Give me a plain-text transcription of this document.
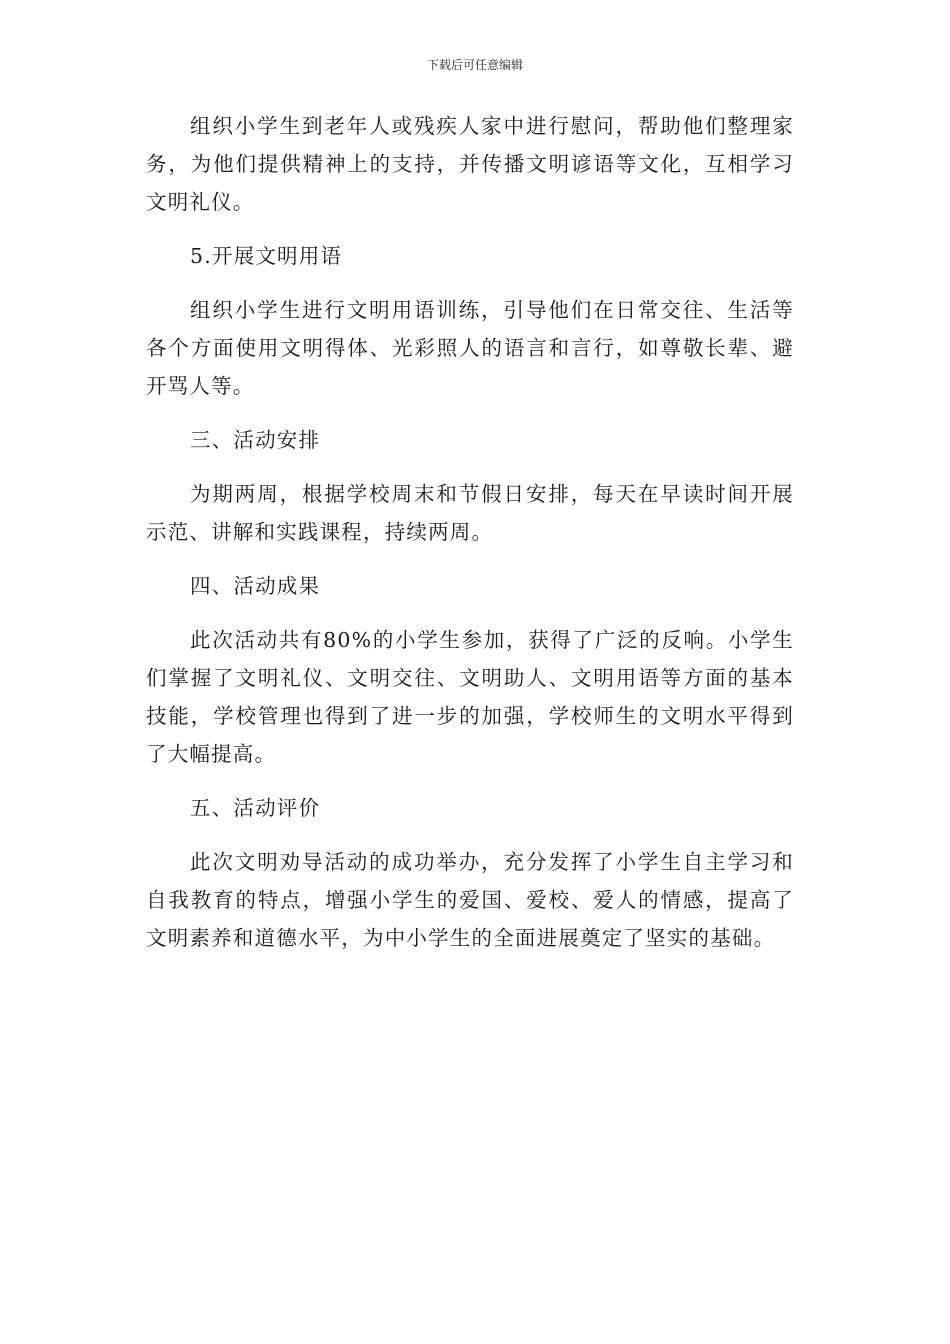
下载后可任意编辑

组织小学生到老年人或残疾人家中进行慰问，帮助他们整理家务，为他们提供精神上的支持，并传播文明谚语等文化，互相学习文明礼仪。

5.开展文明用语

组织小学生进行文明用语训练，引导他们在日常交往、生活等各个方面使用文明得体、光彩照人的语言和言行，如尊敬长辈、避开骂人等。

三、活动安排

为期两周，根据学校周末和节假日安排，每天在早读时间开展示范、讲解和实践课程，持续两周。

四、活动成果

此次活动共有80%的小学生参加，获得了广泛的反响。小学生们掌握了文明礼仪、文明交往、文明助人、文明用语等方面的基本技能，学校管理也得到了进一步的加强，学校师生的文明水平得到了大幅提高。

五、活动评价

此次文明劝导活动的成功举办，充分发挥了小学生自主学习和自我教育的特点，增强小学生的爱国、爱校、爱人的情感，提高了文明素养和道德水平，为中小学生的全面进展奠定了坚实的基础。
